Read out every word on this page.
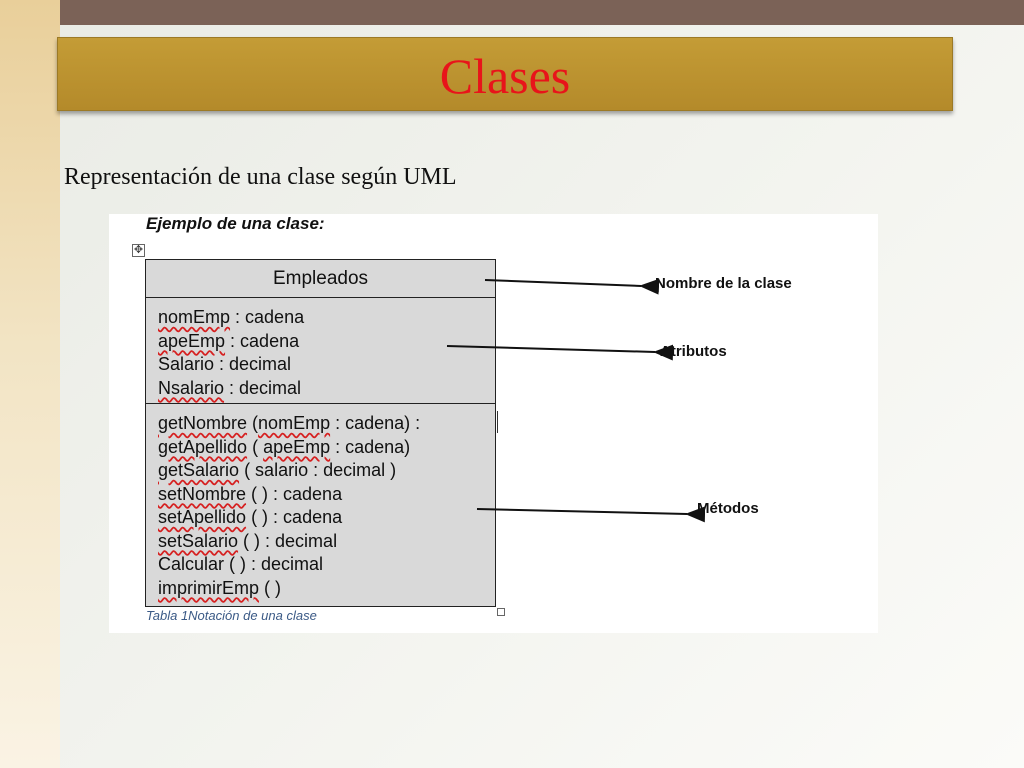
Clases
Representación de una clase según UML
Ejemplo de una clase:
✥
Empleados
nomEmp : cadena
apeEmp : cadena
Salario : decimal
Nsalario : decimal
getNombre (nomEmp : cadena) :
getApellido ( apeEmp : cadena)
getSalario ( salario : decimal )
setNombre ( ) : cadena
setApellido ( ) : cadena
setSalario ( ) : decimal
Calcular ( ) : decimal
imprimirEmp ( )
Tabla 1Notación de una clase
Nombre de la clase
Atributos
Métodos
